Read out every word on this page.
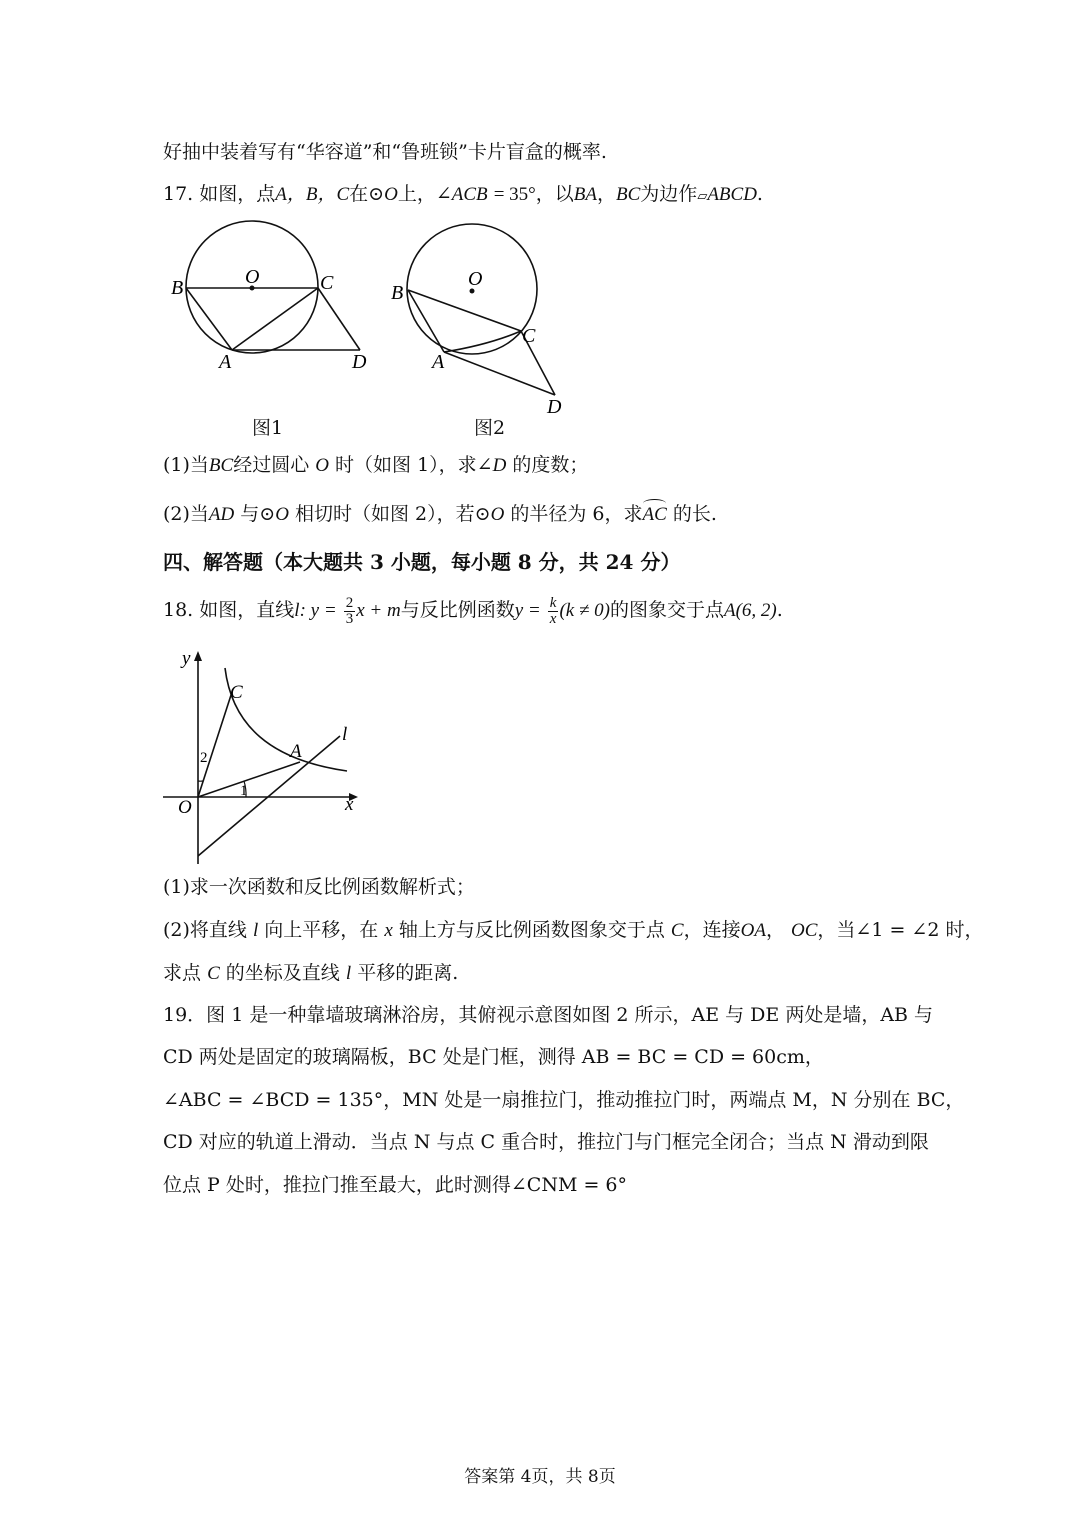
好抽中装着写有“华容道”和“鲁班锁”卡片盲盒的概率.
17. 如图，点A，B，C在⊙O上，∠ACB = 35°，以BA，BC为边作▱ABCD.
O
B	C
A	D
图1
O
B
C
A
D
图2
(1)当BC经过圆心 O 时（如图 1），求∠D 的度数；
(2)当AD 与⊙O 相切时（如图 2），若⊙O 的半径为 6，求AC 的长.
四、解答题（本大题共 3 小题，每小题 8 分，共 24 分）
18. 如图，直线l: $y = \frac{2}{3}$ x + m与反比例函数$y = \frac{k}{x} (k \ne 0)$的图象交于点A(6, 2).
y
x
O
C
A
l
2
1
(1)求一次函数和反比例函数解析式；
(2)将直线 l 向上平移，在 x 轴上方与反比例函数图象交于点 C，连接OA， OC，当∠1 = ∠2 时，
求点 C 的坐标及直线 l 平移的距离.
19．图 1 是一种靠墙玻璃淋浴房，其俯视示意图如图 2 所示，AE 与 DE 两处是墙，AB 与
CD 两处是固定的玻璃隔板，BC 处是门框，测得 AB = BC = CD = 60cm，
∠ABC = ∠BCD = 135°，MN 处是一扇推拉门，推动推拉门时，两端点 M，N 分别在 BC，
CD 对应的轨道上滑动．当点 N 与点 C 重合时，推拉门与门框完全闭合；当点 N 滑动到限
位点 P 处时，推拉门推至最大，此时测得∠CNM = 6°
答案第 4页，共 8页
